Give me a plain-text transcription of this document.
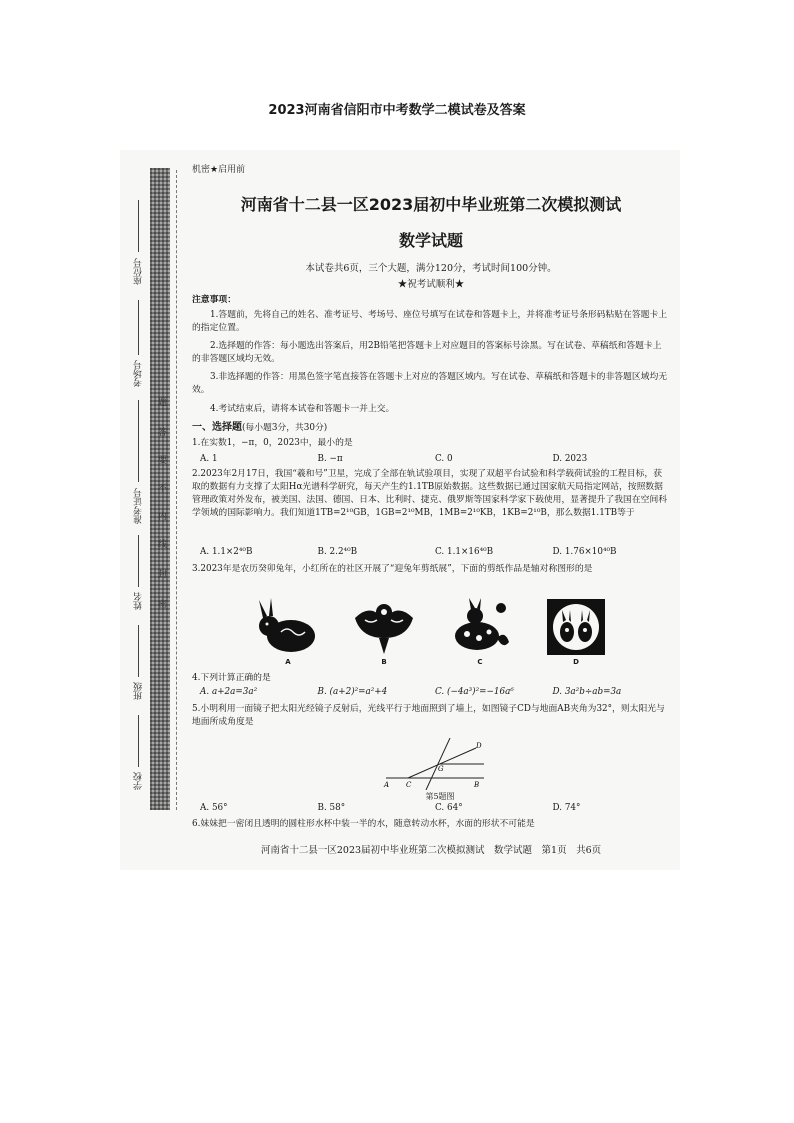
2023河南省信阳市中考数学二模试卷及答案
座位号
考场号
准考证号
姓名
班级
学校
题
答
要
不
内
线
封
密
机密★启用前
河南省十二县一区2023届初中毕业班第二次模拟测试
数学试题
本试卷共6页，三个大题，满分120分，考试时间100分钟。
★祝考试顺利★
注意事项：
1.答题前，先将自己的姓名、准考证号、考场号、座位号填写在试卷和答题卡上，并将准考证号条形码粘贴在答题卡上的指定位置。
2.选择题的作答：每小题选出答案后，用2B铅笔把答题卡上对应题目的答案标号涂黑。写在试卷、草稿纸和答题卡上的非答题区域均无效。
3.非选择题的作答：用黑色签字笔直接答在答题卡上对应的答题区域内。写在试卷、草稿纸和答题卡的非答题区域均无效。
4.考试结束后，请将本试卷和答题卡一并上交。
一、选择题(每小题3分，共30分)
1.在实数1，−π，0，2023中，最小的是
A. 1	B. −π	C. 0	D. 2023
2.2023年2月17日，我国“羲和号”卫星，完成了全部在轨试验项目，实现了双超平台试验和科学载荷试验的工程目标，获取的数据有力支撑了太阳Hα光谱科学研究，每天产生约1.1TB原始数据。这些数据已通过国家航天局指定网站，按照数据管理政策对外发布，被美国、法国、德国、日本、比利时、捷克、俄罗斯等国家科学家下载使用，显著提升了我国在空间科学领域的国际影响力。我们知道1TB=2¹⁰GB，1GB=2¹⁰MB，1MB=2¹⁰KB，1KB=2¹⁰B，那么数据1.1TB等于
A. 1.1×2⁴⁰B	B. 2.2⁴⁰B	C. 1.1×16⁴⁰B	D. 1.76×10⁴⁰B
3.2023年是农历癸卯兔年，小红所在的社区开展了“迎兔年剪纸展”，下面的剪纸作品是轴对称图形的是
A	B	C	D
4.下列计算正确的是
A. a+2a=3a²	B. (a+2)²=a²+4	C. (−4a³)²=−16a⁶	D. 3a²b÷ab=3a
5.小明利用一面镜子把太阳光经镜子反射后，光线平行于地面照到了墙上，如图镜子CD与地面AB夹角为32°，则太阳光与地面所成角度是
A C
G
B
D
第5题图
A. 56°	B. 58°	C. 64°	D. 74°
6.妹妹把一密闭且透明的圆柱形水杯中装一半的水，随意转动水杯，水面的形状不可能是
河南省十二县一区2023届初中毕业班第二次模拟测试　数学试题　第1页　共6页
